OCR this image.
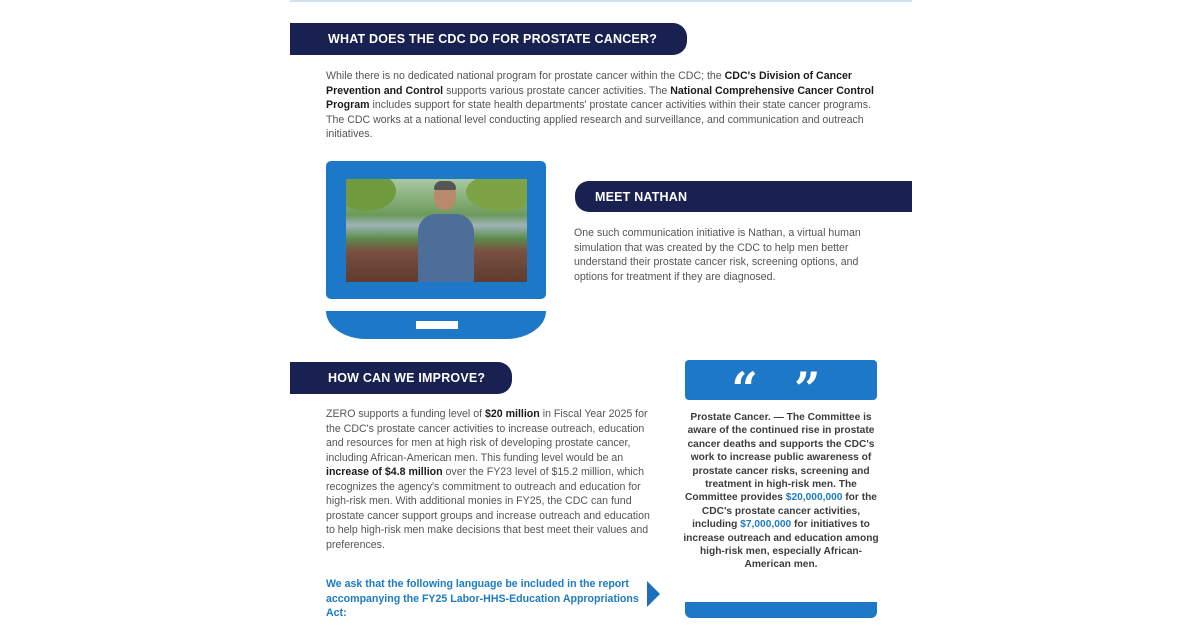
WHAT DOES THE CDC DO FOR PROSTATE CANCER?
While there is no dedicated national program for prostate cancer within the CDC; the CDC's Division of Cancer Prevention and Control supports various prostate cancer activities. The National Comprehensive Cancer Control Program includes support for state health departments' prostate cancer activities within their state cancer programs. The CDC works at a national level conducting applied research and surveillance, and communication and outreach initiatives.
MEET NATHAN
One such communication initiative is Nathan, a virtual human simulation that was created by the CDC to help men better understand their prostate cancer risk, screening options, and options for treatment if they are diagnosed.
HOW CAN WE IMPROVE?
ZERO supports a funding level of $20 million in Fiscal Year 2025 for the CDC's prostate cancer activities to increase outreach, education and resources for men at high risk of developing prostate cancer, including African-American men. This funding level would be an increase of $4.8 million over the FY23 level of $15.2 million, which recognizes the agency's commitment to outreach and education for high-risk men. With additional monies in FY25, the CDC can fund prostate cancer support groups and increase outreach and education to help high-risk men make decisions that best meet their values and preferences.
We ask that the following language be included in the report accompanying the FY25 Labor-HHS-Education Appropriations Act:
“ ”
Prostate Cancer. — The Committee is aware of the continued rise in prostate cancer deaths and supports the CDC's work to increase public awareness of prostate cancer risks, screening and treatment in high-risk men. The Committee provides $20,000,000 for the CDC's prostate cancer activities, including $7,000,000 for initiatives to increase outreach and education among high-risk men, especially African-American men.
